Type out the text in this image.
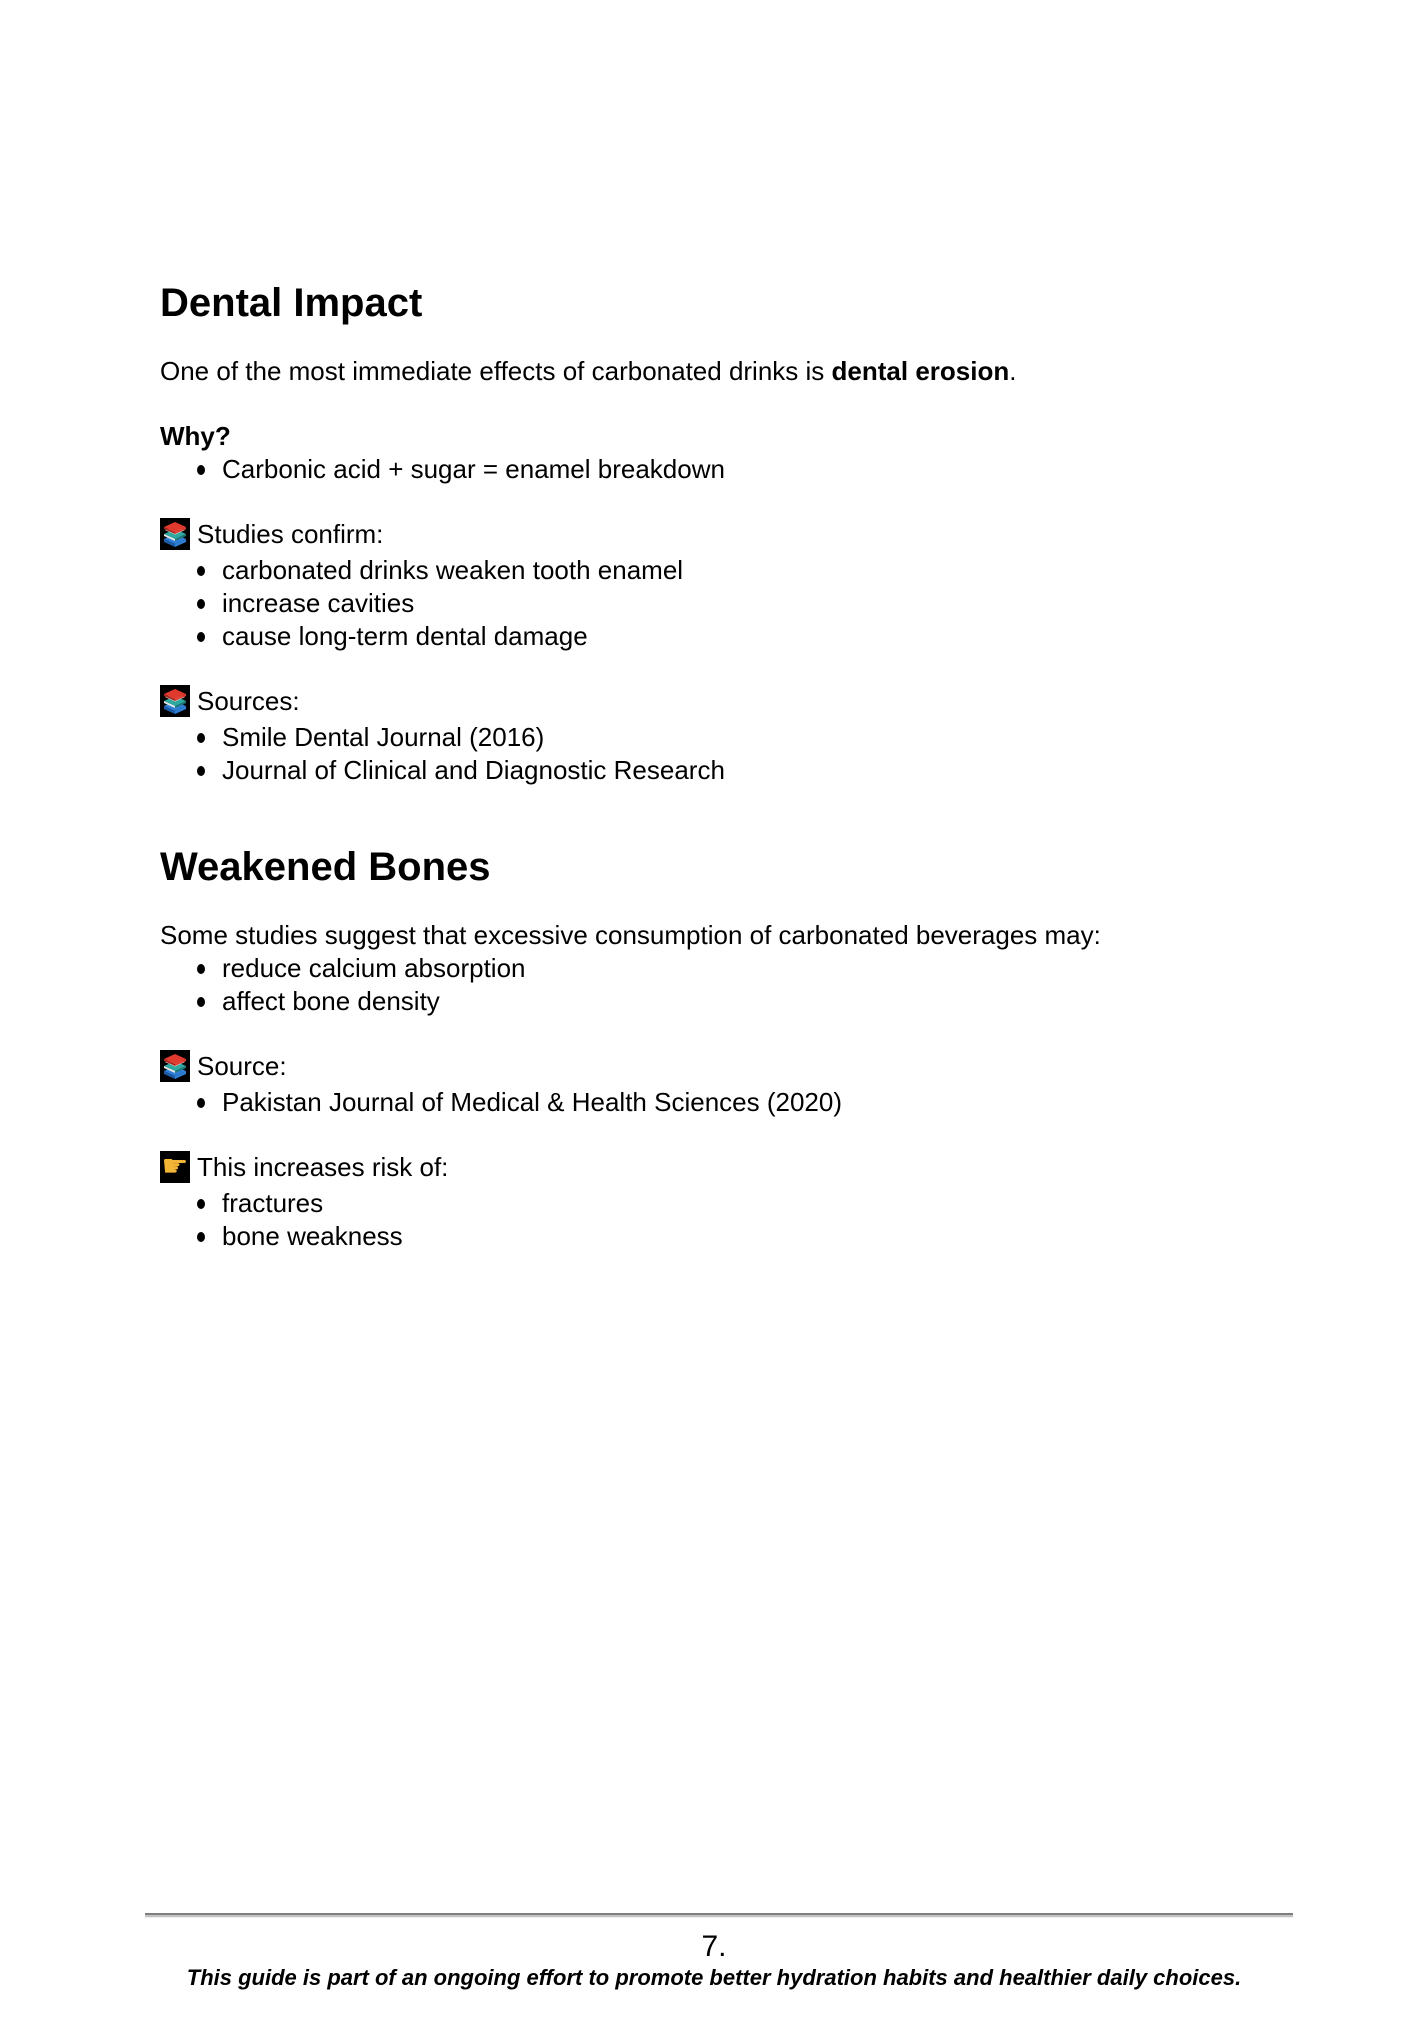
Dental Impact

One of the most immediate effects of carbonated drinks is dental erosion.

Why?

Carbonic acid + sugar = enamel breakdown

Studies confirm:

carbonated drinks weaken tooth enamel
increase cavities
cause long-term dental damage

Sources:

Smile Dental Journal (2016)
Journal of Clinical and Diagnostic Research
Weakened Bones

Some studies suggest that excessive consumption of carbonated beverages may:

reduce calcium absorption
affect bone density

Source:

Pakistan Journal of Medical & Health Sciences (2020)

☛ This increases risk of:

fractures
bone weakness
7.
This guide is part of an ongoing effort to promote better hydration habits and healthier daily choices.
